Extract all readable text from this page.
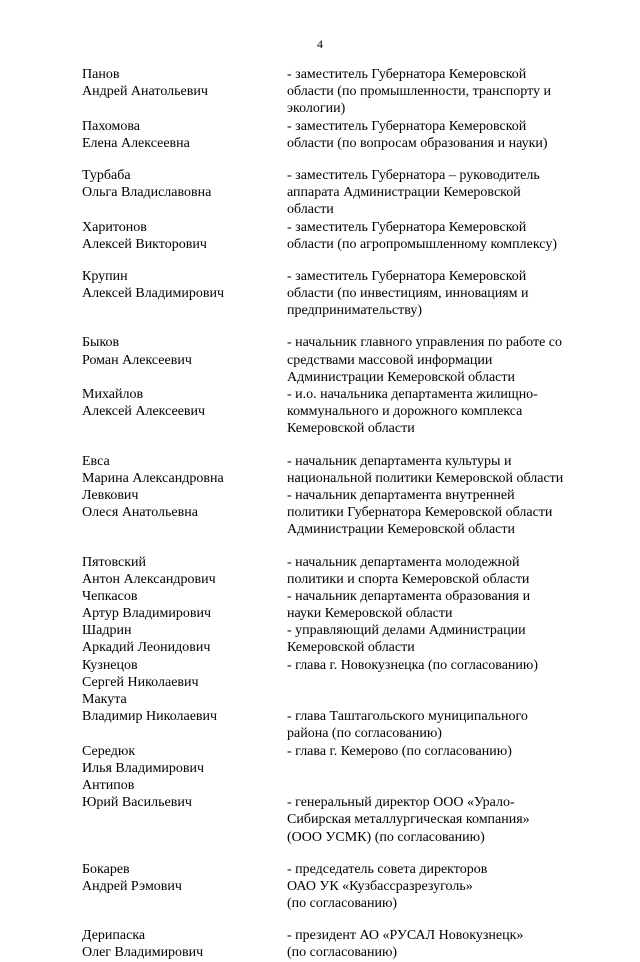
4
Панов
Андрей Анатольевич
- заместитель Губернатора Кемеровской
области (по промышленности, транспорту и
экологии)
Пахомова
Елена Алексеевна
- заместитель Губернатора Кемеровской
области (по вопросам образования и науки)
Турбаба
Ольга Владиславовна
- заместитель Губернатора – руководитель
аппарата Администрации Кемеровской
области
Харитонов
Алексей Викторович
- заместитель Губернатора Кемеровской
области (по агропромышленному комплексу)
Крупин
Алексей Владимирович
- заместитель Губернатора Кемеровской
области (по инвестициям, инновациям и
предпринимательству)
Быков
Роман Алексеевич
- начальник главного управления по работе со
средствами массовой информации
Администрации Кемеровской области
Михайлов
Алексей Алексеевич
- и.о. начальника департамента жилищно-
коммунального и дорожного комплекса
Кемеровской области
Евса
Марина Александровна
- начальник департамента культуры и
национальной политики Кемеровской области
Левкович
Олеся Анатольевна
- начальник департамента внутренней
политики Губернатора Кемеровской области
Администрации Кемеровской области
Пятовский
Антон Александрович
- начальник департамента молодежной
политики и спорта Кемеровской области
Чепкасов
Артур Владимирович
- начальник департамента образования и
науки Кемеровской области
Шадрин
Аркадий Леонидович
- управляющий делами Администрации
Кемеровской области
Кузнецов
Сергей Николаевич
- глава г. Новокузнецка (по согласованию)
Макута
Владимир Николаевич	- глава Таштагольского муниципального
района (по согласованию)
Середюк
Илья Владимирович
- глава г. Кемерово (по согласованию)
Антипов
Юрий Васильевич	- генеральный директор ООО «Урало-
Сибирская металлургическая компания»
(ООО УСМК) (по согласованию)
Бокарев
Андрей Рэмович
- председатель совета директоров
ОАО УК «Кузбассразрезуголь»
(по согласованию)
Дерипаска
Олег Владимирович
- президент АО «РУСАЛ Новокузнецк»
(по согласованию)
